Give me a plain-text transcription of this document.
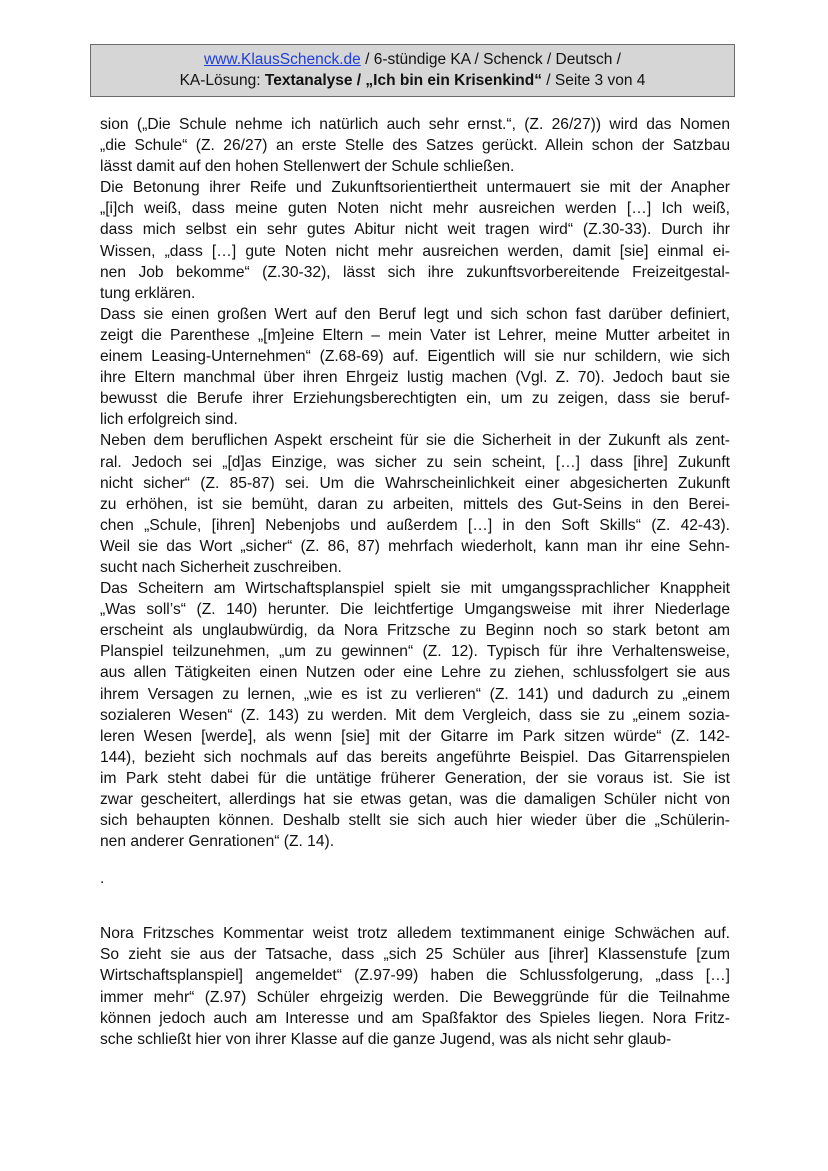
www.KlausSchenck.de / 6-stündige KA / Schenck / Deutsch /
KA-Lösung: Textanalyse / „Ich bin ein Krisenkind“ / Seite 3 von 4

sion („Die Schule nehme ich natürlich auch sehr ernst.“, (Z. 26/27)) wird das Nomen
„die Schule“ (Z. 26/27) an erste Stelle des Satzes gerückt. Allein schon der Satzbau
lässt damit auf den hohen Stellenwert der Schule schließen.

Die Betonung ihrer Reife und Zukunftsorientiertheit untermauert sie mit der Anapher
„[i]ch weiß, dass meine guten Noten nicht mehr ausreichen werden […] Ich weiß,
dass mich selbst ein sehr gutes Abitur nicht weit tragen wird“ (Z.30-33). Durch ihr
Wissen, „dass […] gute Noten nicht mehr ausreichen werden, damit [sie] einmal ei-
nen Job bekomme“ (Z.30-32), lässt sich ihre zukunftsvorbereitende Freizeitgestal-
tung erklären.

Dass sie einen großen Wert auf den Beruf legt und sich schon fast darüber definiert,
zeigt die Parenthese „[m]eine Eltern – mein Vater ist Lehrer, meine Mutter arbeitet in
einem Leasing-Unternehmen“ (Z.68-69) auf. Eigentlich will sie nur schildern, wie sich
ihre Eltern manchmal über ihren Ehrgeiz lustig machen (Vgl. Z. 70). Jedoch baut sie
bewusst die Berufe ihrer Erziehungsberechtigten ein, um zu zeigen, dass sie beruf-
lich erfolgreich sind.

Neben dem beruflichen Aspekt erscheint für sie die Sicherheit in der Zukunft als zent-
ral. Jedoch sei „[d]as Einzige, was sicher zu sein scheint, […] dass [ihre] Zukunft
nicht sicher“ (Z. 85-87) sei. Um die Wahrscheinlichkeit einer abgesicherten Zukunft
zu erhöhen, ist sie bemüht, daran zu arbeiten, mittels des Gut-Seins in den Berei-
chen „Schule, [ihren] Nebenjobs und außerdem […] in den Soft Skills“ (Z. 42-43).
Weil sie das Wort „sicher“ (Z. 86, 87) mehrfach wiederholt, kann man ihr eine Sehn-
sucht nach Sicherheit zuschreiben.

Das Scheitern am Wirtschaftsplanspiel spielt sie mit umgangssprachlicher Knappheit
„Was soll’s“ (Z. 140) herunter. Die leichtfertige Umgangsweise mit ihrer Niederlage
erscheint als unglaubwürdig, da Nora Fritzsche zu Beginn noch so stark betont am
Planspiel teilzunehmen, „um zu gewinnen“ (Z. 12). Typisch für ihre Verhaltensweise,
aus allen Tätigkeiten einen Nutzen oder eine Lehre zu ziehen, schlussfolgert sie aus
ihrem Versagen zu lernen, „wie es ist zu verlieren“ (Z. 141) und dadurch zu „einem
sozialeren Wesen“ (Z. 143) zu werden. Mit dem Vergleich, dass sie zu „einem sozia-
leren Wesen [werde], als wenn [sie] mit der Gitarre im Park sitzen würde“ (Z. 142-
144), bezieht sich nochmals auf das bereits angeführte Beispiel. Das Gitarrenspielen
im Park steht dabei für die untätige früherer Generation, der sie voraus ist. Sie ist
zwar gescheitert, allerdings hat sie etwas getan, was die damaligen Schüler nicht von
sich behaupten können. Deshalb stellt sie sich auch hier wieder über die „Schülerin-
nen anderer Genrationen“ (Z. 14).

.

Nora Fritzsches Kommentar weist trotz alledem textimmanent einige Schwächen auf.
So zieht sie aus der Tatsache, dass „sich 25 Schüler aus [ihrer] Klassenstufe [zum
Wirtschaftsplanspiel] angemeldet“ (Z.97-99) haben die Schlussfolgerung, „dass […]
immer mehr“ (Z.97) Schüler ehrgeizig werden. Die Beweggründe für die Teilnahme
können jedoch auch am Interesse und am Spaßfaktor des Spieles liegen. Nora Fritz-
sche schließt hier von ihrer Klasse auf die ganze Jugend, was als nicht sehr glaub-
